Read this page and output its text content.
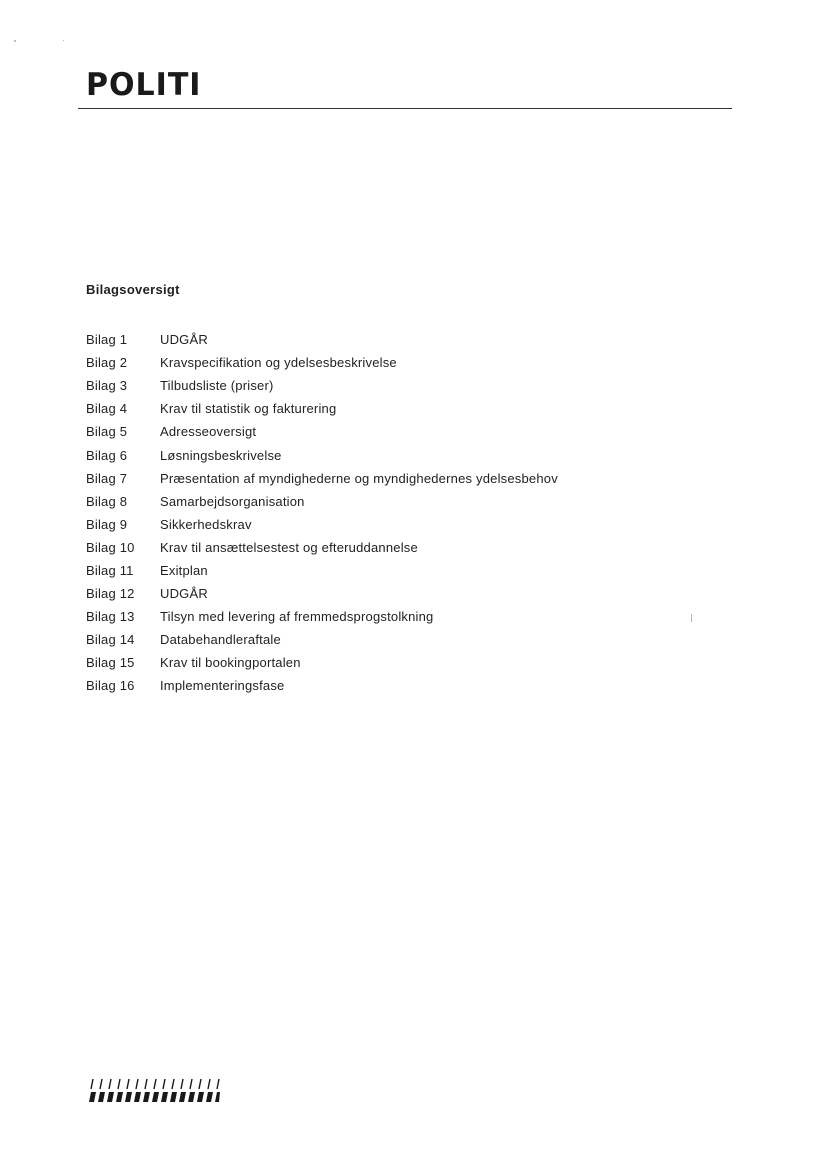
POLITI
Bilagsoversigt
Bilag 1	UDGÅR
Bilag 2	Kravspecifikation og ydelsesbeskrivelse
Bilag 3	Tilbudsliste (priser)
Bilag 4	Krav til statistik og fakturering
Bilag 5	Adresseoversigt
Bilag 6	Løsningsbeskrivelse
Bilag 7	Præsentation af myndighederne og myndighedernes ydelsesbehov
Bilag 8	Samarbejdsorganisation
Bilag 9	Sikkerhedskrav
Bilag 10	Krav til ansættelsestest og efteruddannelse
Bilag 11	Exitplan
Bilag 12	UDGÅR
Bilag 13	Tilsyn med levering af fremmedsprogstolkning
Bilag 14	Databehandleraftale
Bilag 15	Krav til bookingportalen
Bilag 16	Implementeringsfase
